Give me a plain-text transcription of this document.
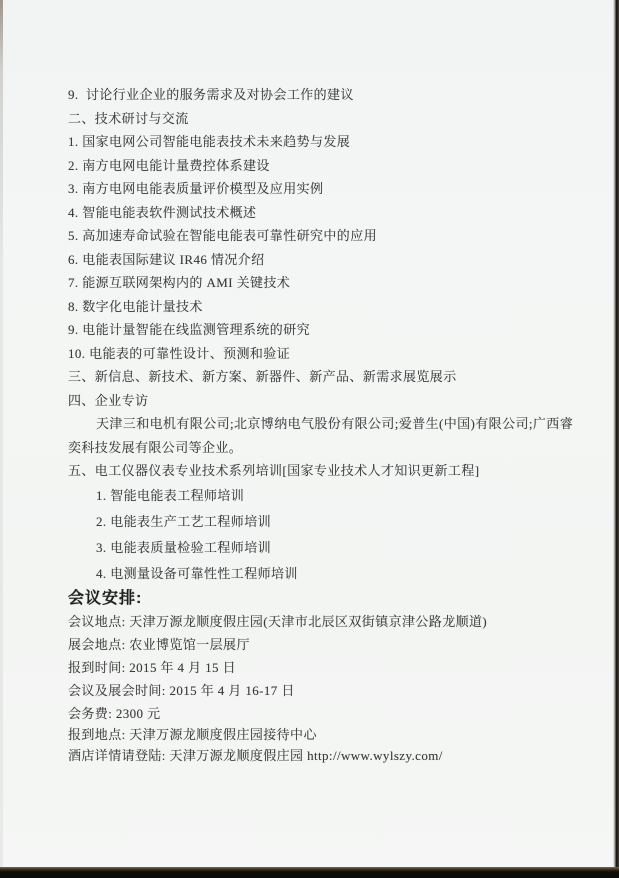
9.  讨论行业企业的服务需求及对协会工作的建议
二、技术研讨与交流
1. 国家电网公司智能电能表技术未来趋势与发展
2. 南方电网电能计量费控体系建设
3. 南方电网电能表质量评价模型及应用实例
4. 智能电能表软件测试技术概述
5. 高加速寿命试验在智能电能表可靠性研究中的应用
6. 电能表国际建议 IR46 情况介绍
7. 能源互联网架构内的 AMI 关键技术
8. 数字化电能计量技术
9. 电能计量智能在线监测管理系统的研究
10. 电能表的可靠性设计、预测和验证
三、新信息、新技术、新方案、新器件、新产品、新需求展览展示
四、企业专访
天津三和电机有限公司;北京博纳电气股份有限公司;爱普生(中国)有限公司;广西睿
奕科技发展有限公司等企业。
五、电工仪器仪表专业技术系列培训[国家专业技术人才知识更新工程]
1. 智能电能表工程师培训
2. 电能表生产工艺工程师培训
3. 电能表质量检验工程师培训
4. 电测量设备可靠性性工程师培训
会议安排:
会议地点: 天津万源龙顺度假庄园(天津市北辰区双街镇京津公路龙顺道)
展会地点: 农业博览馆一层展厅
报到时间: 2015 年 4 月 15 日
会议及展会时间: 2015 年 4 月 16-17 日
会务费: 2300 元
报到地点: 天津万源龙顺度假庄园接待中心
酒店详情请登陆: 天津万源龙顺度假庄园 http://www.wylszy.com/
